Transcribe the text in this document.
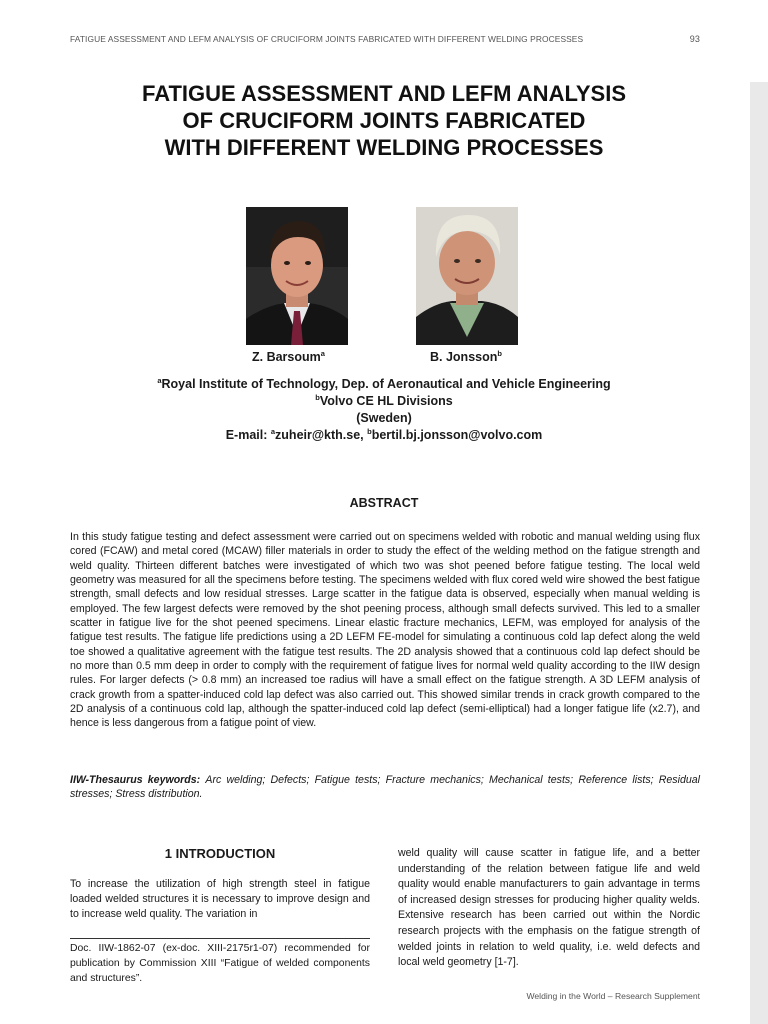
FATIGUE ASSESSMENT AND LEFM ANALYSIS OF CRUCIFORM JOINTS FABRICATED WITH DIFFERENT WELDING PROCESSES	93
FATIGUE ASSESSMENT AND LEFM ANALYSIS
OF CRUCIFORM JOINTS FABRICATED
WITH DIFFERENT WELDING PROCESSES
Z. Barsoum$^a$	B. Jonsson$^b$
$^a$Royal Institute of Technology, Dep. of Aeronautical and Vehicle Engineering
$^b$Volvo CE HL Divisions
(Sweden)
E-mail: $^a$zuheir@kth.se, $^b$bertil.bj.jonsson@volvo.com
ABSTRACT
In this study fatigue testing and defect assessment were carried out on specimens welded with robotic and manual welding using flux cored (FCAW) and metal cored (MCAW) filler materials in order to study the effect of the welding method on the fatigue strength and weld quality. Thirteen different batches were investigated of which two was shot peened before fatigue testing. The local weld geometry was measured for all the specimens before testing. The specimens welded with flux cored weld wire showed the best fatigue strength, small defects and low residual stresses. Large scatter in the fatigue data is observed, especially when manual welding is employed. The few largest defects were removed by the shot peening process, although small defects survived. This led to a smaller scatter in fatigue live for the shot peened specimens. Linear elastic fracture mechanics, LEFM, was employed for analysis of the fatigue test results. The fatigue life predictions using a 2D LEFM FE-model for simulating a continuous cold lap defect along the weld toe showed a qualitative agreement with the fatigue test results. The 2D analysis showed that a continuous cold lap defect should be no more than 0.5 mm deep in order to comply with the requirement of fatigue lives for normal weld quality according to the IIW design rules. For larger defects (> 0.8 mm) an increased toe radius will have a small effect on the fatigue strength. A 3D LEFM analysis of crack growth from a spatter-induced cold lap defect was also carried out. This showed similar trends in crack growth compared to the 2D analysis of a continuous cold lap, although the spatter-induced cold lap defect (semi-elliptical) had a longer fatigue life (x2.7), and hence is less dangerous from a fatigue point of view.
IIW-Thesaurus keywords: Arc welding; Defects; Fatigue tests; Fracture mechanics; Mechanical tests; Reference lists; Residual stresses; Stress distribution.
1 INTRODUCTION
To increase the utilization of high strength steel in fatigue loaded welded structures it is necessary to improve design and to increase weld quality. The variation in
Doc. IIW-1862-07 (ex-doc. XIII-2175r1-07) recommended for publication by Commission XIII “Fatigue of welded components and structures”.
weld quality will cause scatter in fatigue life, and a better understanding of the relation between fatigue life and weld quality would enable manufacturers to gain advantage in terms of increased design stresses for producing higher quality welds. Extensive research has been carried out within the Nordic research projects with the emphasis on the fatigue strength of welded joints in relation to weld quality, i.e. weld defects and local weld geometry [1-7].
Welding in the World – Research Supplement
